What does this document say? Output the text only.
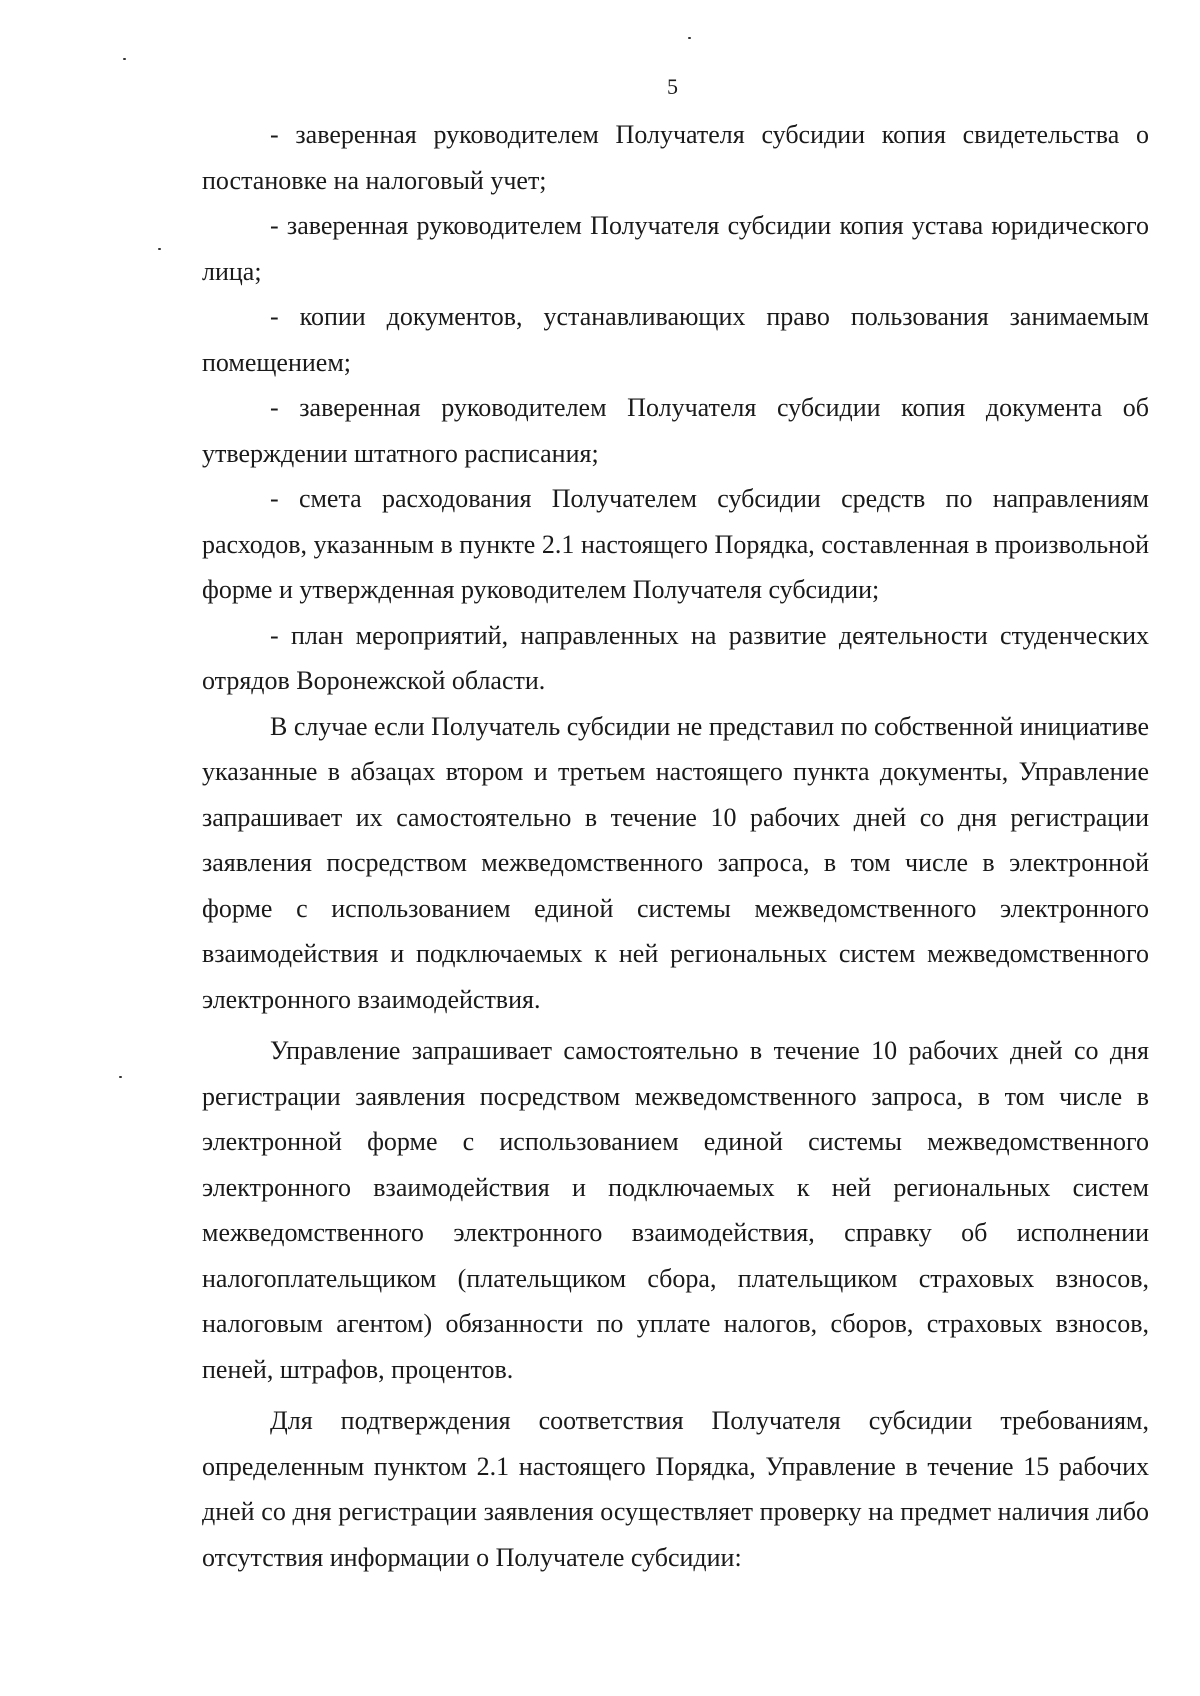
5

- заверенная руководителем Получателя субсидии копия свидетельства о постановке на налоговый учет;

- заверенная руководителем Получателя субсидии копия устава юридического лица;

- копии документов, устанавливающих право пользования занимаемым помещением;

- заверенная руководителем Получателя субсидии копия документа об утверждении штатного расписания;

- смета расходования Получателем субсидии средств по направлениям расходов, указанным в пункте 2.1 настоящего Порядка, составленная в произвольной форме и утвержденная руководителем Получателя субсидии;

- план мероприятий, направленных на развитие деятельности студенческих отрядов Воронежской области.

В случае если Получатель субсидии не представил по собственной инициативе указанные в абзацах втором и третьем настоящего пункта документы, Управление запрашивает их самостоятельно в течение 10 рабочих дней со дня регистрации заявления посредством межведомственного запроса, в том числе в электронной форме с использованием единой системы межведомственного электронного взаимодействия и подключаемых к ней региональных систем межведомственного электронного взаимодействия.

Управление запрашивает самостоятельно в течение 10 рабочих дней со дня регистрации заявления посредством межведомственного запроса, в том числе в электронной форме с использованием единой системы межведомственного электронного взаимодействия и подключаемых к ней региональных систем межведомственного электронного взаимодействия, справку об исполнении налогоплательщиком (плательщиком сбора, плательщиком страховых взносов, налоговым агентом) обязанности по уплате налогов, сборов, страховых взносов, пеней, штрафов, процентов.

Для подтверждения соответствия Получателя субсидии требованиям, определенным пунктом 2.1 настоящего Порядка, Управление в течение 15 рабочих дней со дня регистрации заявления осуществляет проверку на предмет наличия либо отсутствия информации о Получателе субсидии:
